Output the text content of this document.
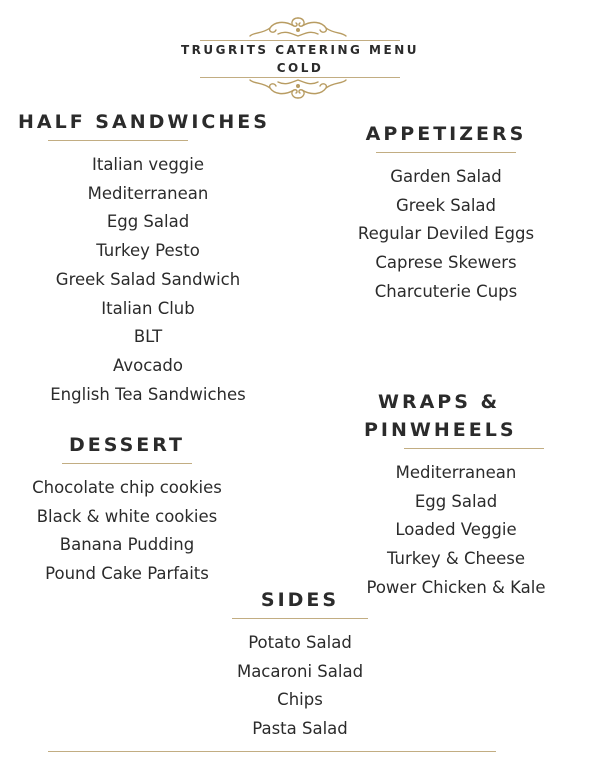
TRUGRITS CATERING MENU
COLD
HALF SANDWICHES
Italian veggie
Mediterranean
Egg Salad
Turkey Pesto
Greek Salad Sandwich
Italian Club
BLT
Avocado
English Tea Sandwiches
APPETIZERS
Garden Salad
Greek Salad
Regular Deviled Eggs
Caprese Skewers
Charcuterie Cups
DESSERT
Chocolate chip cookies
Black & white cookies
Banana Pudding
Pound Cake Parfaits
WRAPS &
PINWHEELS
Mediterranean
Egg Salad
Loaded Veggie
Turkey & Cheese
Power Chicken & Kale
SIDES
Potato Salad
Macaroni Salad
Chips
Pasta Salad
